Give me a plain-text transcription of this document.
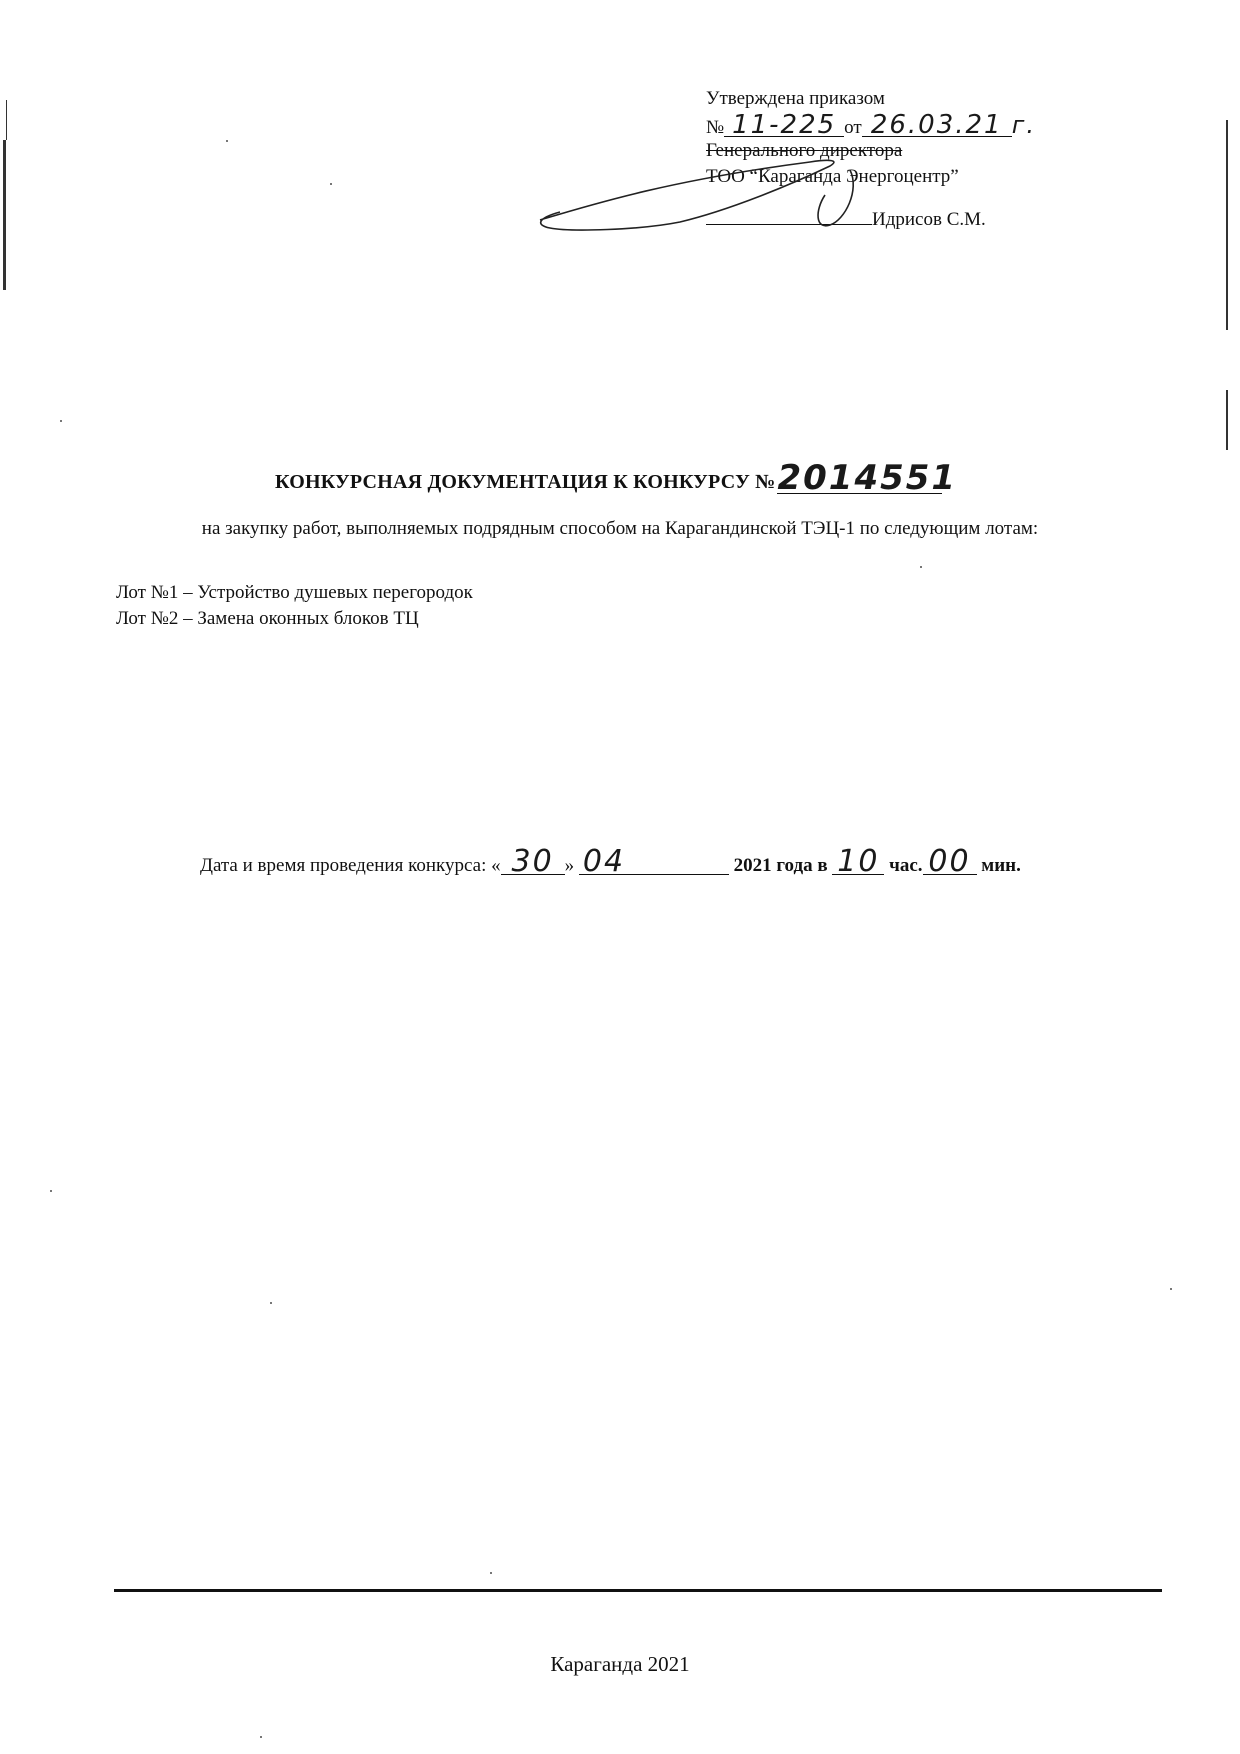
Утверждена приказом
№ 11-225 от 26.03.21 г.
Генерального директора
ТОО “Караганда Энергоцентр”
Идрисов С.М.
КОНКУРСНАЯ ДОКУМЕНТАЦИЯ К КОНКУРСУ №2014551
на закупку работ, выполняемых подрядным способом на Карагандинской ТЭЦ-1 по следующим лотам:
Лот №1 – Устройство душевых перегородок
Лот №2 – Замена оконных блоков ТЦ
Дата и время проведения конкурса: « 30 » 04	2021 года в 10 час. 00 мин.
Караганда 2021
